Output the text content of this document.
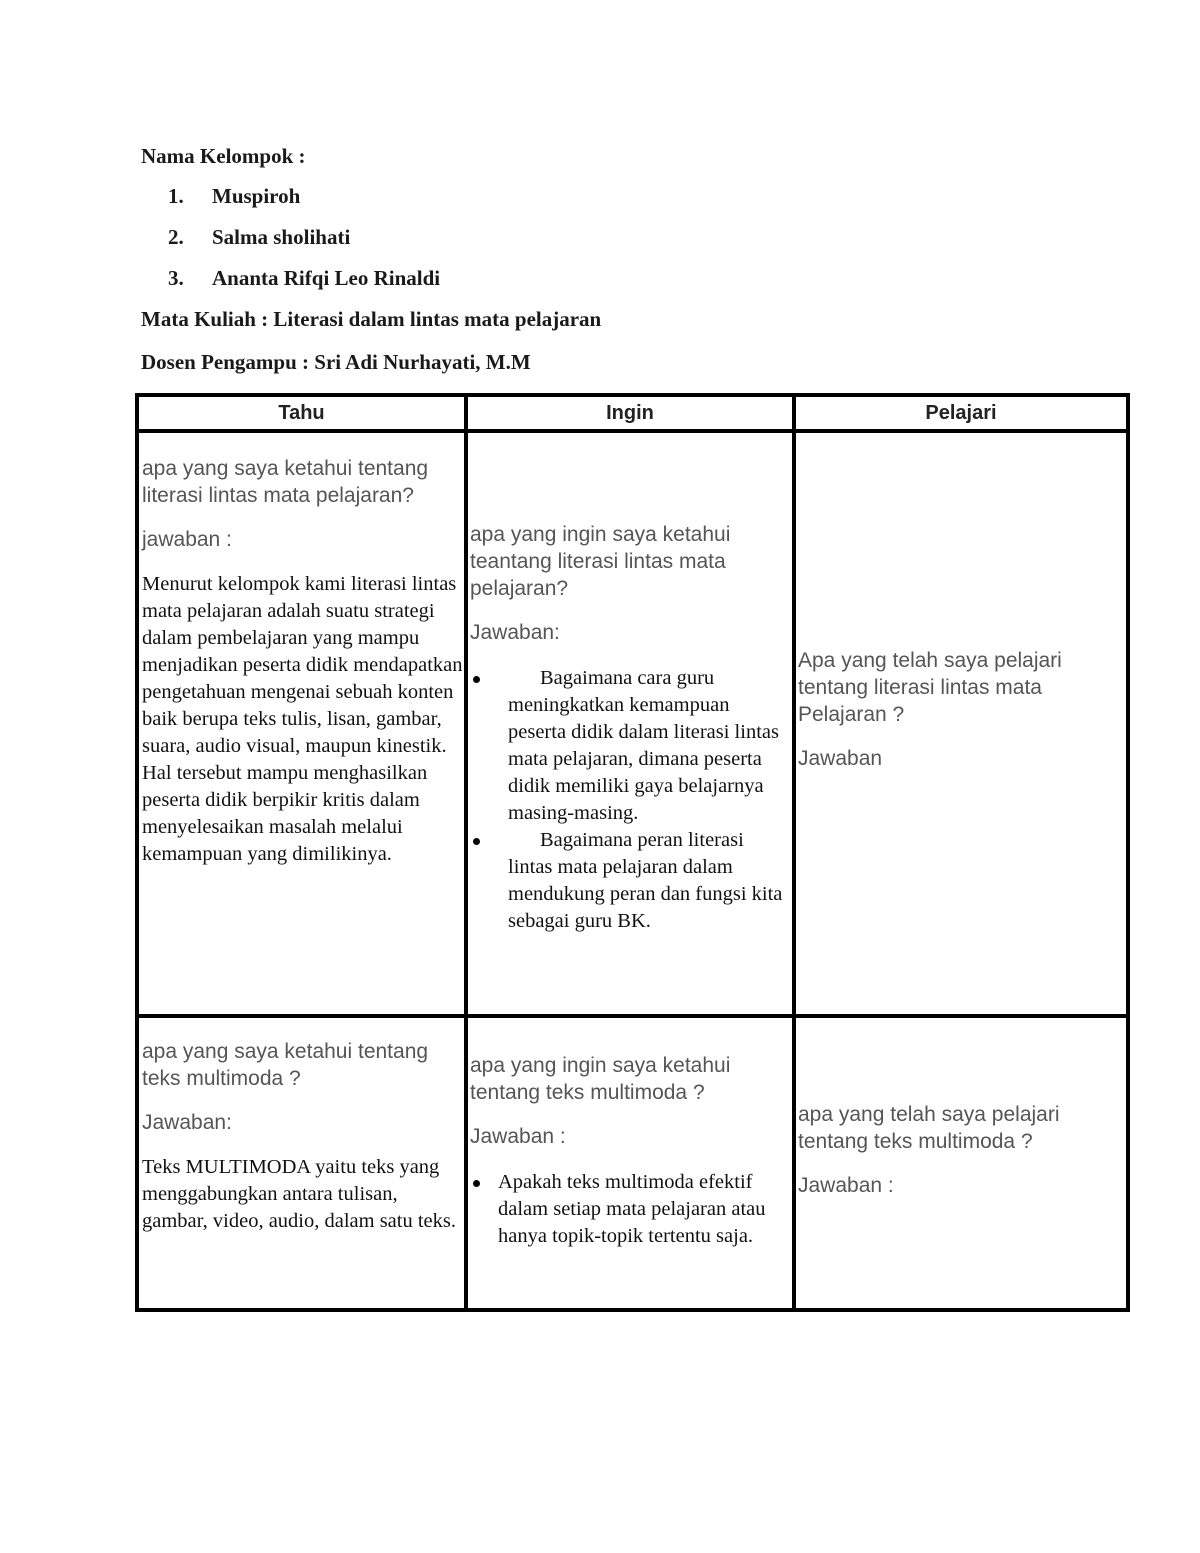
Nama Kelompok :
1. Muspiroh
2. Salma sholihati
3. Ananta Rifqi Leo Rinaldi
Mata Kuliah : Literasi dalam lintas mata pelajaran
Dosen Pengampu : Sri Adi Nurhayati, M.M
Tahu	Ingin	Pelajari

apa yang saya ketahui tentang literasi lintas mata pelajaran?

jawaban :

Menurut kelompok kami literasi lintas mata pelajaran adalah suatu strategi dalam pembelajaran yang mampu menjadikan peserta didik mendapatkan pengetahuan mengenai sebuah konten baik berupa teks tulis, lisan, gambar, suara, audio visual, maupun kinestik. Hal tersebut mampu menghasilkan peserta didik berpikir kritis dalam menyelesaikan masalah melalui kemampuan yang dimilikinya.

apa yang ingin saya ketahui teantang literasi lintas mata pelajaran?

Jawaban:

Bagaimana cara guru meningkatkan kemampuan peserta didik dalam literasi lintas mata pelajaran, dimana peserta didik memiliki gaya belajarnya masing-masing.

Bagaimana peran literasi lintas mata pelajaran dalam mendukung peran dan fungsi kita sebagai guru BK.

Apa yang telah saya pelajari tentang literasi lintas mata Pelajaran ?

Jawaban

apa yang saya ketahui tentang teks multimoda ?

Jawaban:

Teks MULTIMODA yaitu teks yang menggabungkan antara tulisan, gambar, video, audio, dalam satu teks.

apa yang ingin saya ketahui tentang teks multimoda ?

Jawaban :

Apakah teks multimoda efektif dalam setiap mata pelajaran atau hanya topik-topik tertentu saja.

apa yang telah saya pelajari tentang teks multimoda ?

Jawaban :
